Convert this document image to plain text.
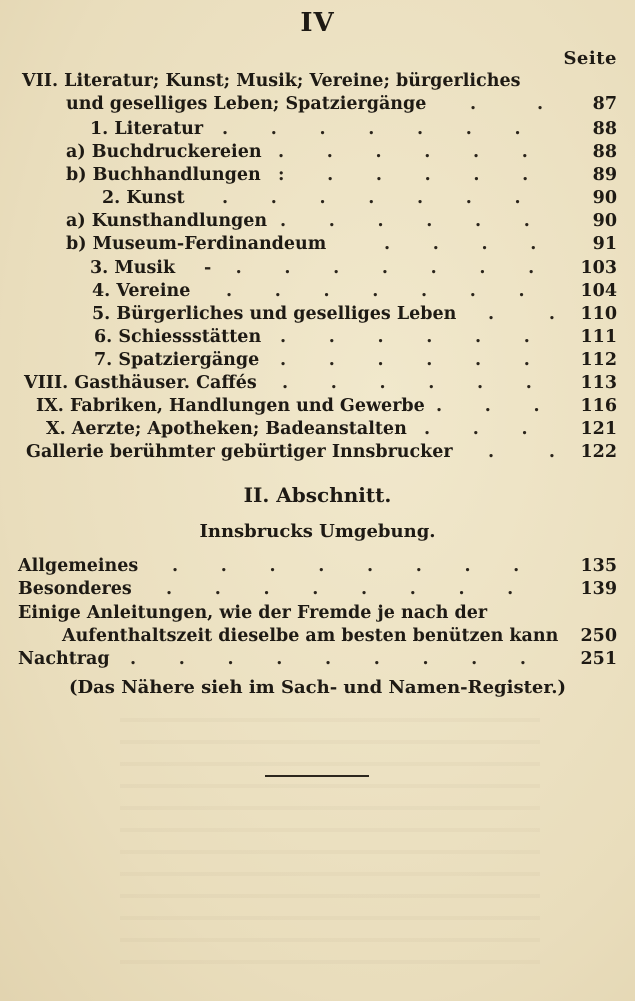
IV
Seite
VII. Literatur; Kunst; Musik; Vereine; bürgerliches
und geselliges Leben; Spatziergänge .          .	87
1. Literatur .       .       .       .       .       .       .	88
a) Buchdruckereien .       .       .       .       .       .	88
b) Buchhandlungen :       .       .       .       .       .	89
2. Kunst .       .       .       .       .       .       .	90
a) Kunsthandlungen .       .       .       .       .       .	90
b) Museum-Ferdinandeum	.       .       .       .	91
3. Musik -    .       .       .       .       .       .       .	103
4. Vereine .       .       .       .       .       .       .	104
5. Bürgerliches und geselliges Leben .         .	110
6. Schiessstätten .       .       .       .       .       .	111
7. Spatziergänge .       .       .       .       .       .	112
VIII. Gasthäuser. Caffés .       .       .       .       .       .	113
IX. Fabriken, Handlungen und Gewerbe .       .       .	116
X. Aerzte; Apotheken; Badeanstalten .       .       .	121
Gallerie berühmter gebürtiger Innsbrucker .         .	122
II. Abschnitt.
Innsbrucks Umgebung.
Allgemeines .       .       .       .       .       .       .       .	135
Besonderes .       .       .       .       .       .       .       .	139
Einige Anleitungen, wie der Fremde je nach der
Aufenthaltszeit dieselbe am besten benützen kann 250
Nachtrag .       .       .       .       .       .       .       .       .	251
(Das Nähere sieh im Sach- und Namen-Register.)
